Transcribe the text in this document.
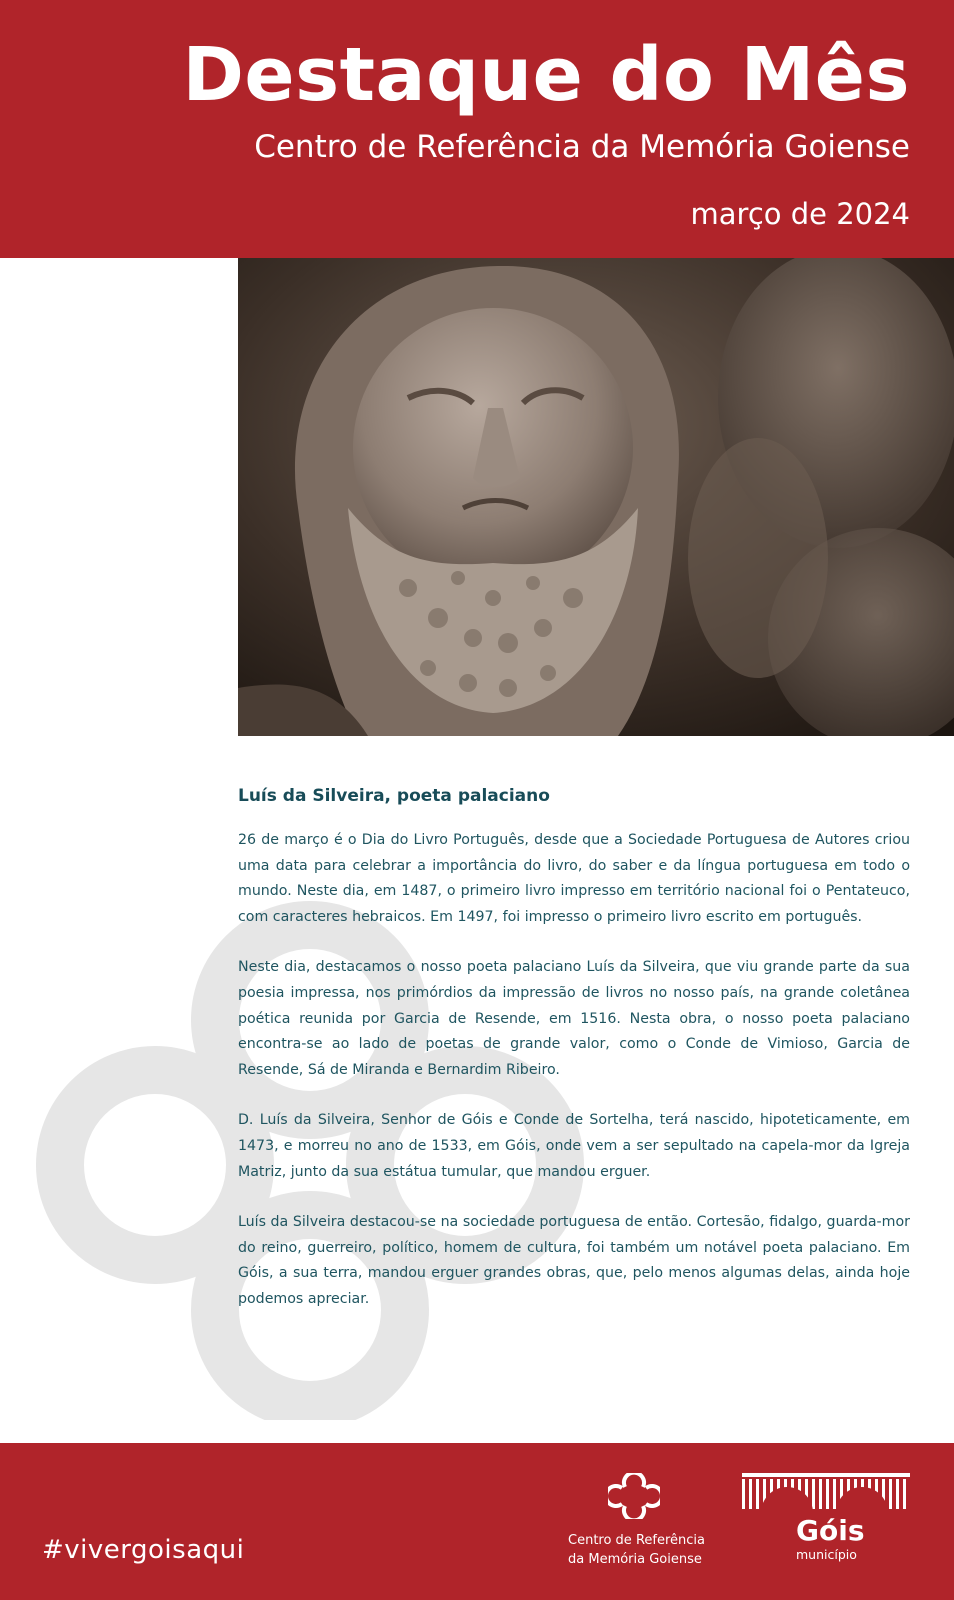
Destaque do Mês
Centro de Referência da Memória Goiense
março de 2024
Luís da Silveira, poeta palaciano

26 de março é o Dia do Livro Português, desde que a Sociedade Portuguesa de Autores criou uma data para celebrar a importância do livro, do saber e da língua portuguesa em todo o mundo. Neste dia, em 1487, o primeiro livro impresso em território nacional foi o Pentateuco, com caracteres hebraicos. Em 1497, foi impresso o primeiro livro escrito em português.

Neste dia, destacamos o nosso poeta palaciano Luís da Silveira, que viu grande parte da sua poesia impressa, nos primórdios da impressão de livros no nosso país, na grande coletânea poética reunida por Garcia de Resende, em 1516. Nesta obra, o nosso poeta palaciano encontra-se ao lado de poetas de grande valor, como o Conde de Vimioso, Garcia de Resende, Sá de Miranda e Bernardim Ribeiro.

D. Luís da Silveira, Senhor de Góis e Conde de Sortelha, terá nascido, hipoteticamente, em 1473, e morreu no ano de 1533, em Góis, onde vem a ser sepultado na capela-mor da Igreja Matriz, junto da sua estátua tumular, que mandou erguer.

Luís da Silveira destacou-se na sociedade portuguesa de então. Cortesão, fidalgo, guarda-mor do reino, guerreiro, político, homem de cultura, foi também um notável poeta palaciano. Em Góis, a sua terra, mandou erguer grandes obras, que, pelo menos algumas delas, ainda hoje podemos apreciar.

#vivergoisaqui	Centro de Referência
da Memória Goiense
Góis
município
